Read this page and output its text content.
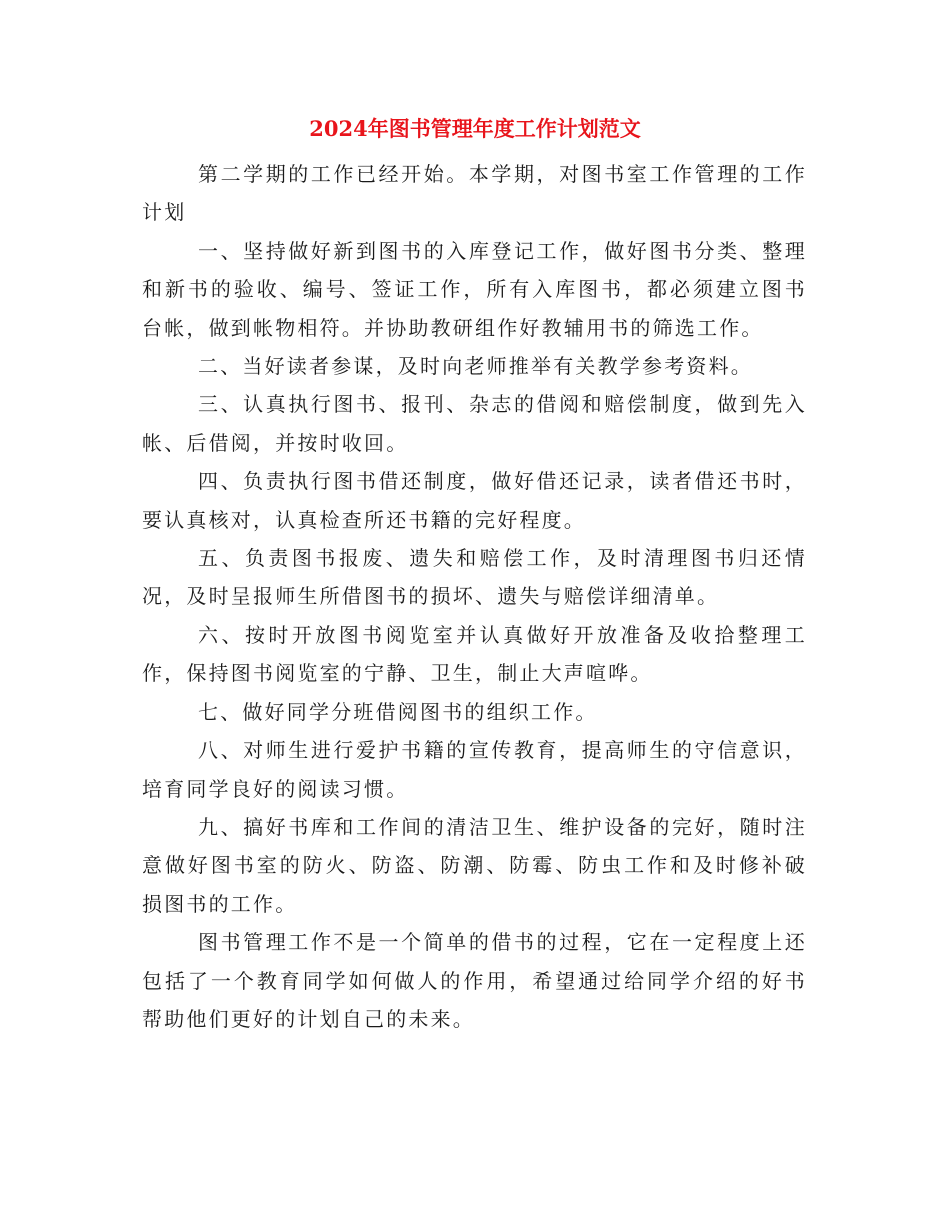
2024年图书管理年度工作计划范文

第二学期的工作已经开始。本学期，对图书室工作管理的工作计划

一、坚持做好新到图书的入库登记工作，做好图书分类、整理和新书的验收、编号、签证工作，所有入库图书，都必须建立图书台帐，做到帐物相符。并协助教研组作好教辅用书的筛选工作。

二、当好读者参谋，及时向老师推举有关教学参考资料。

三、认真执行图书、报刊、杂志的借阅和赔偿制度，做到先入帐、后借阅，并按时收回。

四、负责执行图书借还制度，做好借还记录，读者借还书时，要认真核对，认真检查所还书籍的完好程度。

五、负责图书报废、遗失和赔偿工作，及时清理图书归还情况，及时呈报师生所借图书的损坏、遗失与赔偿详细清单。

六、按时开放图书阅览室并认真做好开放准备及收拾整理工作，保持图书阅览室的宁静、卫生，制止大声喧哗。

七、做好同学分班借阅图书的组织工作。

八、对师生进行爱护书籍的宣传教育，提高师生的守信意识，培育同学良好的阅读习惯。

九、搞好书库和工作间的清洁卫生、维护设备的完好，随时注意做好图书室的防火、防盗、防潮、防霉、防虫工作和及时修补破损图书的工作。

图书管理工作不是一个简单的借书的过程，它在一定程度上还包括了一个教育同学如何做人的作用，希望通过给同学介绍的好书帮助他们更好的计划自己的未来。
